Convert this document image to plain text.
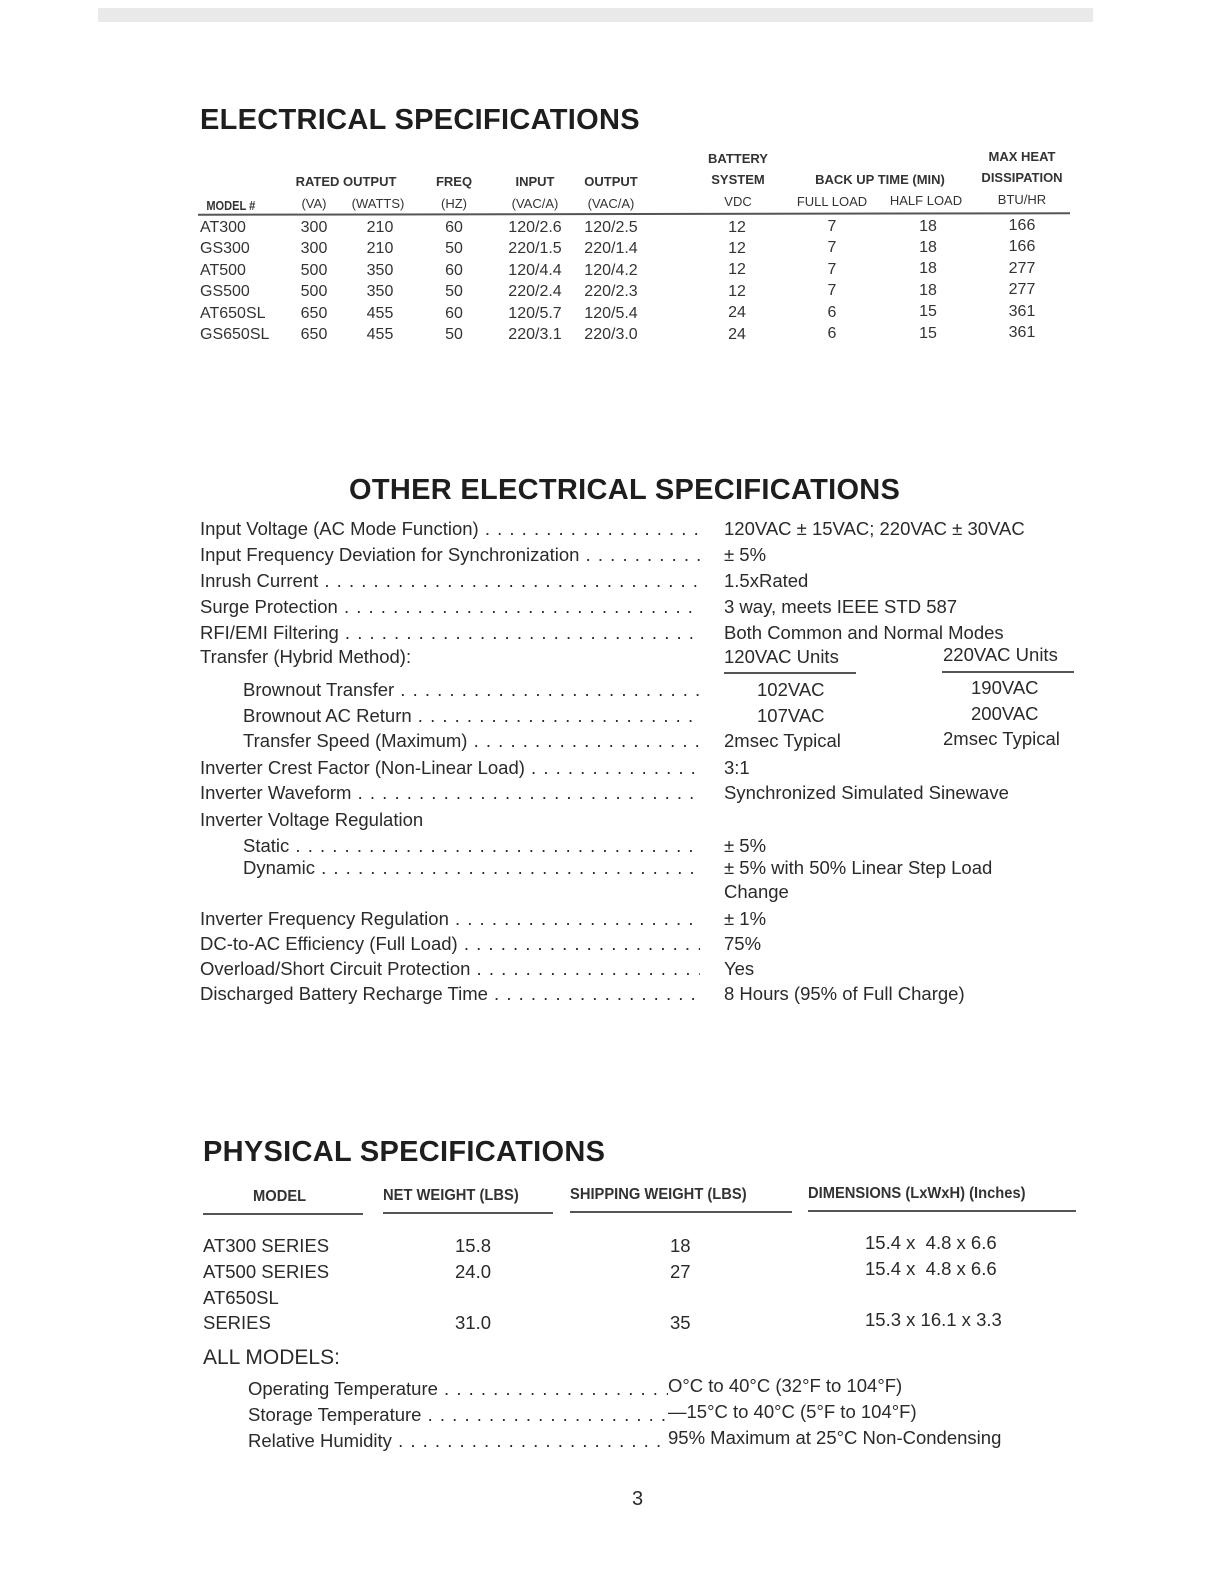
ELECTRICAL SPECIFICATIONS
BATTERY	MAX HEAT
RATED OUTPUT	FREQ	INPUT OUTPUT	SYSTEM	BACK UP TIME (MIN)	DISSIPATION
MODEL #	(VA) (WATTS)	(HZ)	(VAC/A) (VAC/A)	VDC	FULL LOAD HALF LOAD	BTU/HR
AT300	300 210	60	120/2.6 120/2.5	12	7	18	166
GS300	300 210	50	220/1.5 220/1.4	12	7	18	166
AT500	500 350	60	120/4.4 120/4.2	12	7	18	277
GS500	500 350	50	220/2.4 220/2.3	12	7	18	277
AT650SL 650 455	60	120/5.7 120/5.4	24	6	15	361
GS650SL 650 455	50	220/3.1 220/3.0	24	6	15	361
OTHER ELECTRICAL SPECIFICATIONS
Input Voltage (AC Mode Function) . . .	120VAC ± 15VAC; 220VAC ± 30VAC
Input Frequency Deviation for Synchronization . . .	± 5%
Inrush Current . . .	1.5xRated
Surge Protection . . .	3 way, meets IEEE STD 587
RFI/EMI Filtering . . .	Both Common and Normal Modes
Transfer (Hybrid Method):	120VAC Units	220VAC Units
Brownout Transfer . . .	102VAC	190VAC
Brownout AC Return . . .	107VAC	200VAC
Transfer Speed (Maximum) . . .	2msec Typical	2msec Typical
Inverter Crest Factor (Non-Linear Load) . . .	3:1
Inverter Waveform . . .	Synchronized Simulated Sinewave
Inverter Voltage Regulation
Static . . .	± 5%
Dynamic . . .	± 5% with 50% Linear Step Load
Change
Inverter Frequency Regulation . . .	± 1%
DC-to-AC Efficiency (Full Load) . . .	75%
Overload/Short Circuit Protection . . .	Yes
Discharged Battery Recharge Time . . .	8 Hours (95% of Full Charge)
PHYSICAL SPECIFICATIONS
MODEL	NET WEIGHT (LBS)	SHIPPING WEIGHT (LBS)	DIMENSIONS (LxWxH) (Inches)
AT300 SERIES	15.8	18	15.4 x  4.8 x 6.6
AT500 SERIES	24.0	27	15.4 x  4.8 x 6.6
AT650SL
SERIES	31.0	35	15.3 x 16.1 x 3.3
ALL MODELS:
Operating Temperature . . .	O°C to 40°C (32°F to 104°F)
Storage Temperature . . .	—15°C to 40°C (5°F to 104°F)
Relative Humidity . . .	95% Maximum at 25°C Non-Condensing
3
